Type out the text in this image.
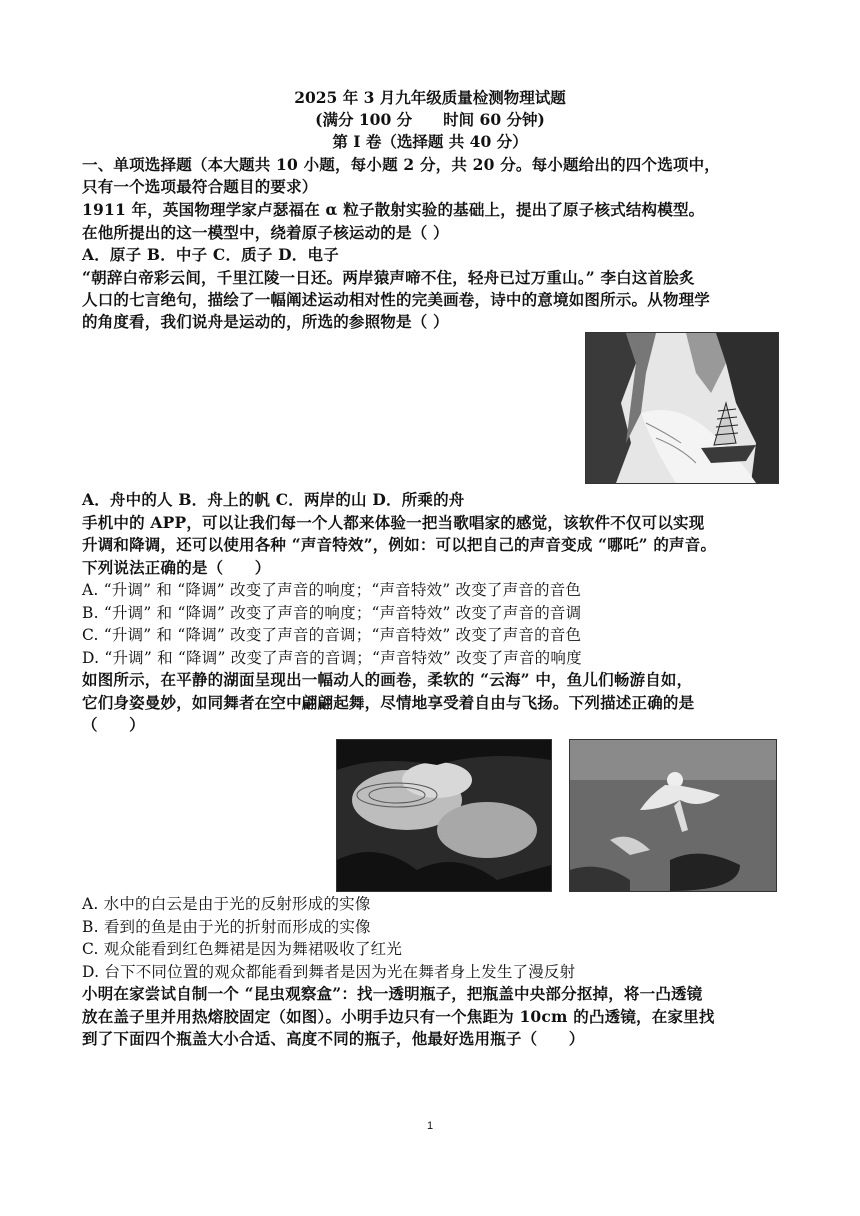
2025 年 3 月九年级质量检测物理试题
(满分 100 分　　时间 60 分钟)
第 Ⅰ 卷（选择题 共 40 分）
一、单项选择题（本大题共 10 小题，每小题 2 分，共 20 分。每小题给出的四个选项中，
只有一个选项最符合题目的要求）
1911 年，英国物理学家卢瑟福在 α 粒子散射实验的基础上，提出了原子核式结构模型。
在他所提出的这一模型中，绕着原子核运动的是（ ）
A．原子 B．中子 C．质子 D．电子
“朝辞白帝彩云间，千里江陵一日还。两岸猿声啼不住，轻舟已过万重山。” 李白这首脍炙
人口的七言绝句，描绘了一幅阐述运动相对性的完美画卷，诗中的意境如图所示。从物理学
的角度看，我们说舟是运动的，所选的参照物是（ ）
A．舟中的人 B．舟上的帆 C．两岸的山 D．所乘的舟
手机中的 APP，可以让我们每一个人都来体验一把当歌唱家的感觉，该软件不仅可以实现
升调和降调，还可以使用各种 “声音特效”，例如：可以把自己的声音变成 “哪吒” 的声音。
下列说法正确的是（　　）
A. “升调” 和 “降调” 改变了声音的响度；“声音特效” 改变了声音的音色
B. “升调” 和 “降调” 改变了声音的响度；“声音特效” 改变了声音的音调
C. “升调” 和 “降调” 改变了声音的音调；“声音特效” 改变了声音的音色
D. “升调” 和 “降调” 改变了声音的音调；“声音特效” 改变了声音的响度
如图所示，在平静的湖面呈现出一幅动人的画卷，柔软的 “云海” 中，鱼儿们畅游自如，
它们身姿曼妙，如同舞者在空中翩翩起舞，尽情地享受着自由与飞扬。下列描述正确的是
（　　）
A. 水中的白云是由于光的反射形成的实像
B. 看到的鱼是由于光的折射而形成的实像
C. 观众能看到红色舞裙是因为舞裙吸收了红光
D. 台下不同位置的观众都能看到舞者是因为光在舞者身上发生了漫反射
小明在家尝试自制一个 “昆虫观察盒”：找一透明瓶子，把瓶盖中央部分抠掉，将一凸透镜
放在盖子里并用热熔胶固定（如图）。小明手边只有一个焦距为 10cm 的凸透镜，在家里找
到了下面四个瓶盖大小合适、高度不同的瓶子，他最好选用瓶子（　　）
1
